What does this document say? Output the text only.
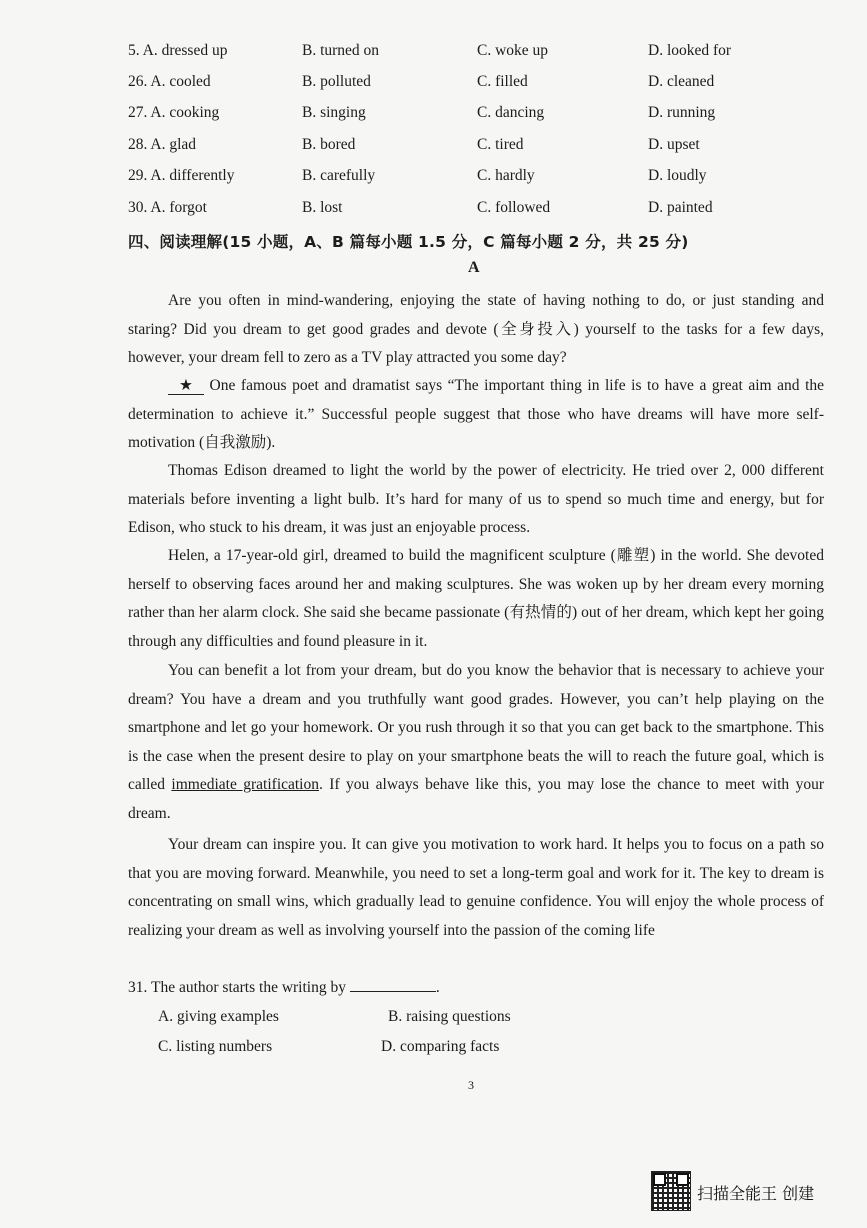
5. A. dressed up	B. turned on	C. woke up	D. looked for
26. A. cooled	B. polluted	C. filled	D. cleaned
27. A. cooking	B. singing	C. dancing	D. running
28. A. glad	B. bored	C. tired	D. upset
29. A. differently	B. carefully	C. hardly	D. loudly
30. A. forgot	B. lost	C. followed	D. painted
四、阅读理解(15 小题，A、B 篇每小题 1.5 分，C 篇每小题 2 分，共 25 分)
A

Are you often in mind-wandering, enjoying the state of having nothing to do, or just standing and staring? Did you dream to get good grades and devote (全身投入) yourself to the tasks for a few days, however, your dream fell to zero as a TV play attracted you some day?

★ One famous poet and dramatist says “The important thing in life is to have a great aim and the determination to achieve it.” Successful people suggest that those who have dreams will have more self-motivation (自我激励).

Thomas Edison dreamed to light the world by the power of electricity. He tried over 2, 000 different materials before inventing a light bulb. It’s hard for many of us to spend so much time and energy, but for Edison, who stuck to his dream, it was just an enjoyable process.

Helen, a 17-year-old girl, dreamed to build the magnificent sculpture (雕塑) in the world. She devoted herself to observing faces around her and making sculptures. She was woken up by her dream every morning rather than her alarm clock. She said she became passionate (有热情的) out of her dream, which kept her going through any difficulties and found pleasure in it.

You can benefit a lot from your dream, but do you know the behavior that is necessary to achieve your dream? You have a dream and you truthfully want good grades. However, you can’t help playing on the smartphone and let go your homework. Or you rush through it so that you can get back to the smartphone. This is the case when the present desire to play on your smartphone beats the will to reach the future goal, which is called immediate gratification. If you always behave like this, you may lose the chance to meet with your dream.

Your dream can inspire you. It can give you motivation to work hard. It helps you to focus on a path so that you are moving forward. Meanwhile, you need to set a long-term goal and work for it. The key to dream is concentrating on small wins, which gradually lead to genuine confidence. You will enjoy the whole process of realizing your dream as well as involving yourself into the passion of the coming life

31. The author starts the writing by	.
A. giving examples	B. raising questions
C. listing numbers	D. comparing facts
3
扫描全能王 创建
